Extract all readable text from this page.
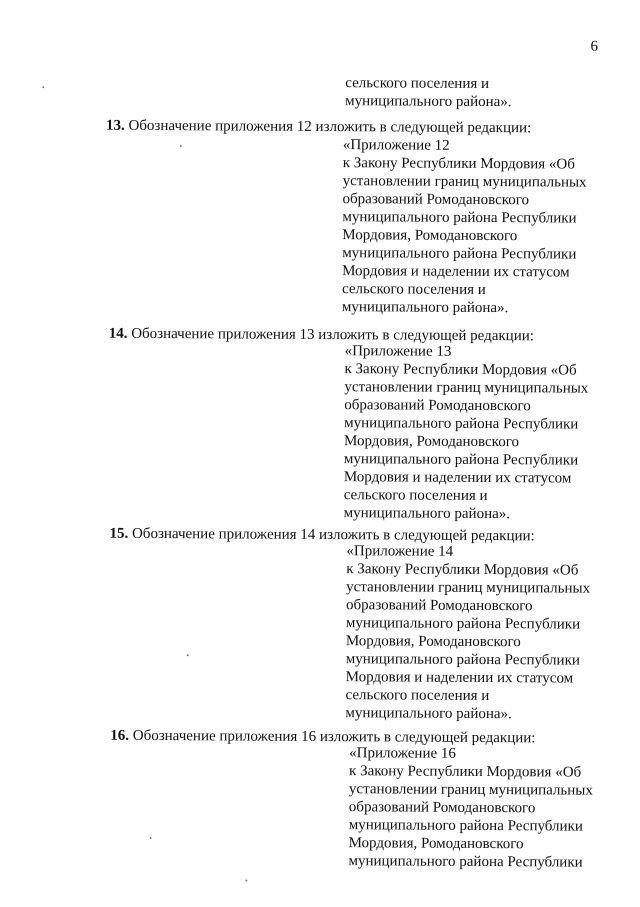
6
сельского поселения и
муниципального района».
13. Обозначение приложения 12 изложить в следующей редакции:
«Приложение 12
к Закону Республики Мордовия «Об
установлении границ муниципальных
образований Ромодановского
муниципального района Республики
Мордовия, Ромодановского
муниципального района Республики
Мордовия и наделении их статусом
сельского поселения и
муниципального района».
14. Обозначение приложения 13 изложить в следующей редакции:
«Приложение 13
к Закону Республики Мордовия «Об
установлении границ муниципальных
образований Ромодановского
муниципального района Республики
Мордовия, Ромодановского
муниципального района Республики
Мордовия и наделении их статусом
сельского поселения и
муниципального района».
15. Обозначение приложения 14 изложить в следующей редакции:
«Приложение 14
к Закону Республики Мордовия «Об
установлении границ муниципальных
образований Ромодановского
муниципального района Республики
Мордовия, Ромодановского
муниципального района Республики
Мордовия и наделении их статусом
сельского поселения и
муниципального района».
16. Обозначение приложения 16 изложить в следующей редакции:
«Приложение 16
к Закону Республики Мордовия «Об
установлении границ муниципальных
образований Ромодановского
муниципального района Республики
Мордовия, Ромодановского
муниципального района Республики
